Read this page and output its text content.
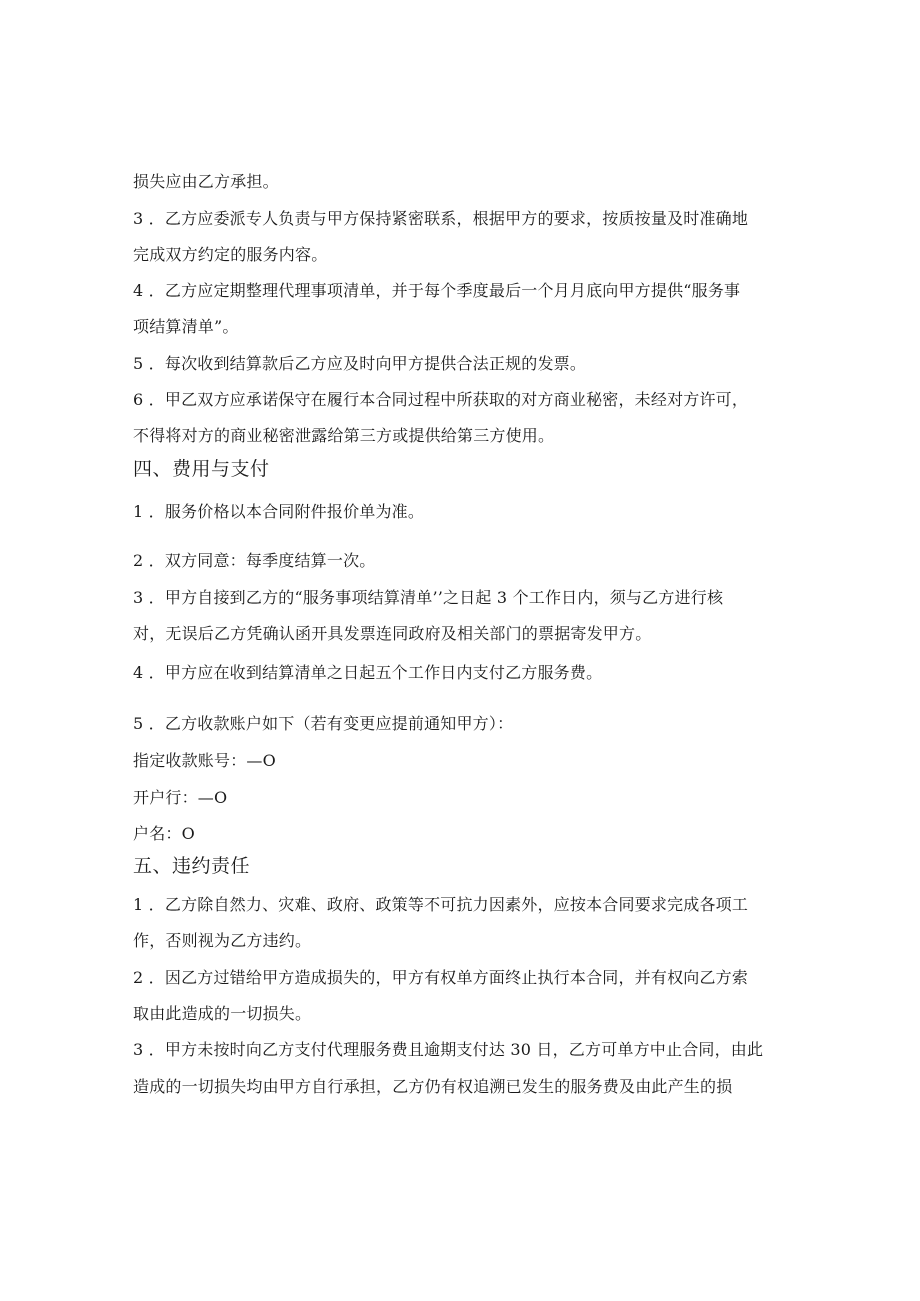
损失应由乙方承担。
3 ．乙方应委派专人负责与甲方保持紧密联系，根据甲方的要求，按质按量及时准确地
完成双方约定的服务内容。
4 ．乙方应定期整理代理事项清单，并于每个季度最后一个月月底向甲方提供“服务事
项结算清单”。
5 ．每次收到结算款后乙方应及时向甲方提供合法正规的发票。
6 ．甲乙双方应承诺保守在履行本合同过程中所获取的对方商业秘密，未经对方许可，
不得将对方的商业秘密泄露给第三方或提供给第三方使用。
四、费用与支付
1 ．服务价格以本合同附件报价单为准。
2 ．双方同意：每季度结算一次。
3 ．甲方自接到乙方的“服务事项结算清单’’之日起 3 个工作日内，须与乙方进行核
对，无误后乙方凭确认函开具发票连同政府及相关部门的票据寄发甲方。
4 ．甲方应在收到结算清单之日起五个工作日内支付乙方服务费。
5 ．乙方收款账户如下（若有变更应提前通知甲方）：
指定收款账号：—O
开户行：—O
户名：O
五、违约责任
1 ．乙方除自然力、灾难、政府、政策等不可抗力因素外，应按本合同要求完成各项工
作，否则视为乙方违约。
2 ．因乙方过错给甲方造成损失的，甲方有权单方面终止执行本合同，并有权向乙方索
取由此造成的一切损失。
3 ．甲方未按时向乙方支付代理服务费且逾期支付达 30 日，乙方可单方中止合同，由此
造成的一切损失均由甲方自行承担，乙方仍有权追溯已发生的服务费及由此产生的损
